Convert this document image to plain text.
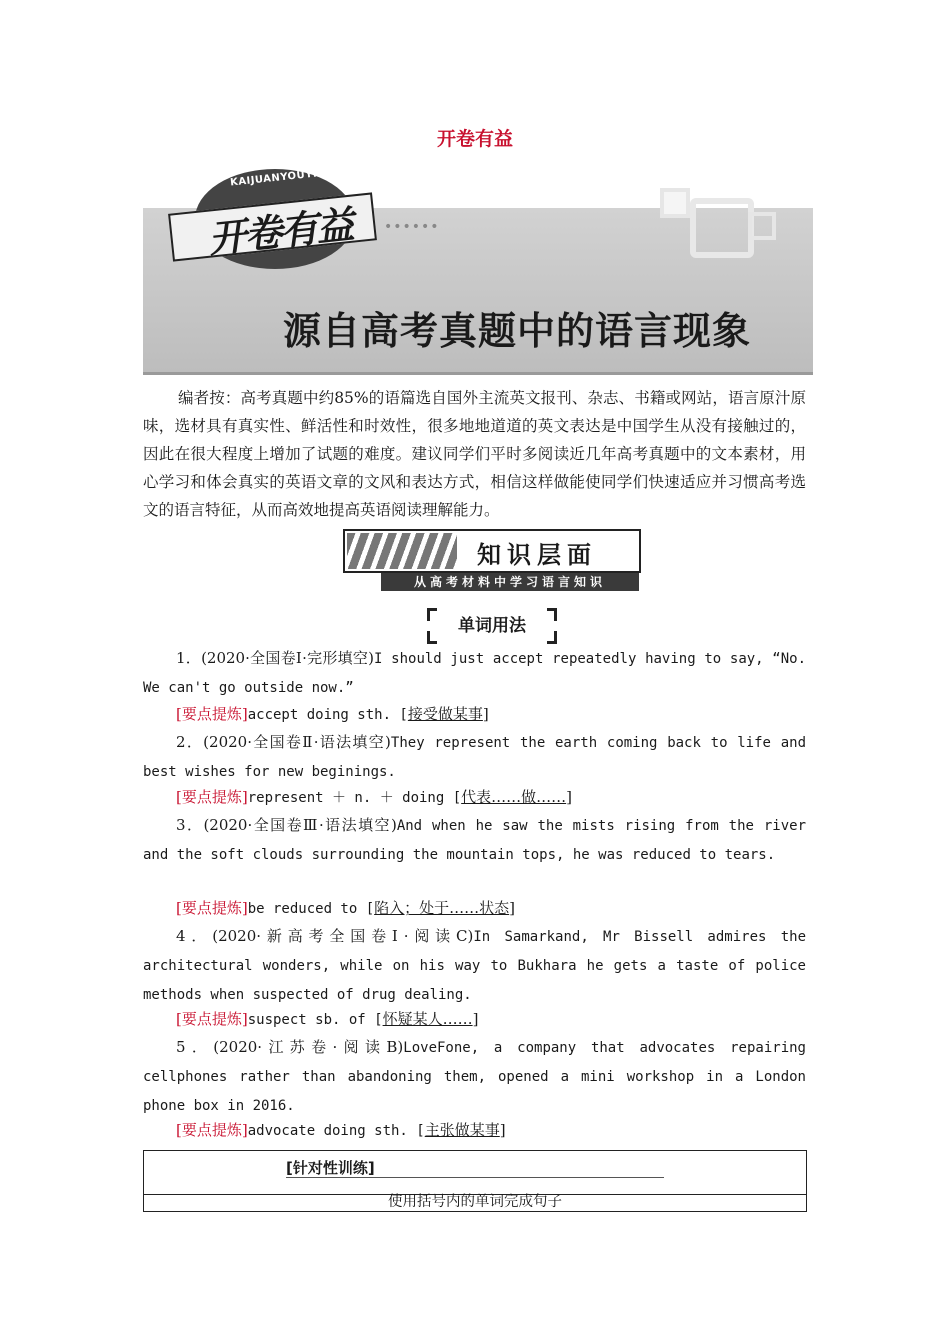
开卷有益
源自高考真题中的语言现象
KAIJUANYOUYI
开卷有益 ••••••
编者按：高考真题中约85%的语篇选自国外主流英文报刊、杂志、书籍或网站，语言原汁原味，选材具有真实性、鲜活性和时效性，很多地地道道的英文表达是中国学生从没有接触过的，因此在很大程度上增加了试题的难度。建议同学们平时多阅读近几年高考真题中的文本素材，用心学习和体会真实的英语文章的文风和表达方式，相信这样做能使同学们快速适应并习惯高考选文的语言特征，从而高效地提高英语阅读理解能力。
知识层面
从高考材料中学习语言知识
单词用法
1．(2020·全国卷Ⅰ·完形填空)I should just accept repeatedly having to say, “No. We can't go outside now.”
[要点提炼]accept doing sth. [接受做某事]
2．(2020·全国卷Ⅱ·语法填空)They represent the earth coming back to life and best wishes for new beginings.
[要点提炼]represent ＋ n. ＋ doing [代表……做……]
3．(2020·全国卷Ⅲ·语法填空)And when he saw the mists rising from the river and the soft clouds surrounding the mountain tops, he was reduced to tears.
[要点提炼]be reduced to [陷入；处于……状态]
4．(2020·新高考全国卷Ⅰ·阅读C)In Samarkand, Mr Bissell admires the architectural wonders, while on his way to Bukhara he gets a taste of police methods when suspected of drug dealing.
[要点提炼]suspect sb. of [怀疑某人……]
5．(2020·江苏卷·阅读B)LoveFone, a company that advocates repairing cellphones rather than abandoning them, opened a mini workshop in a London phone box in 2016.
[要点提炼]advocate doing sth. [主张做某事]
[针对性训练]
使用括号内的单词完成句子
